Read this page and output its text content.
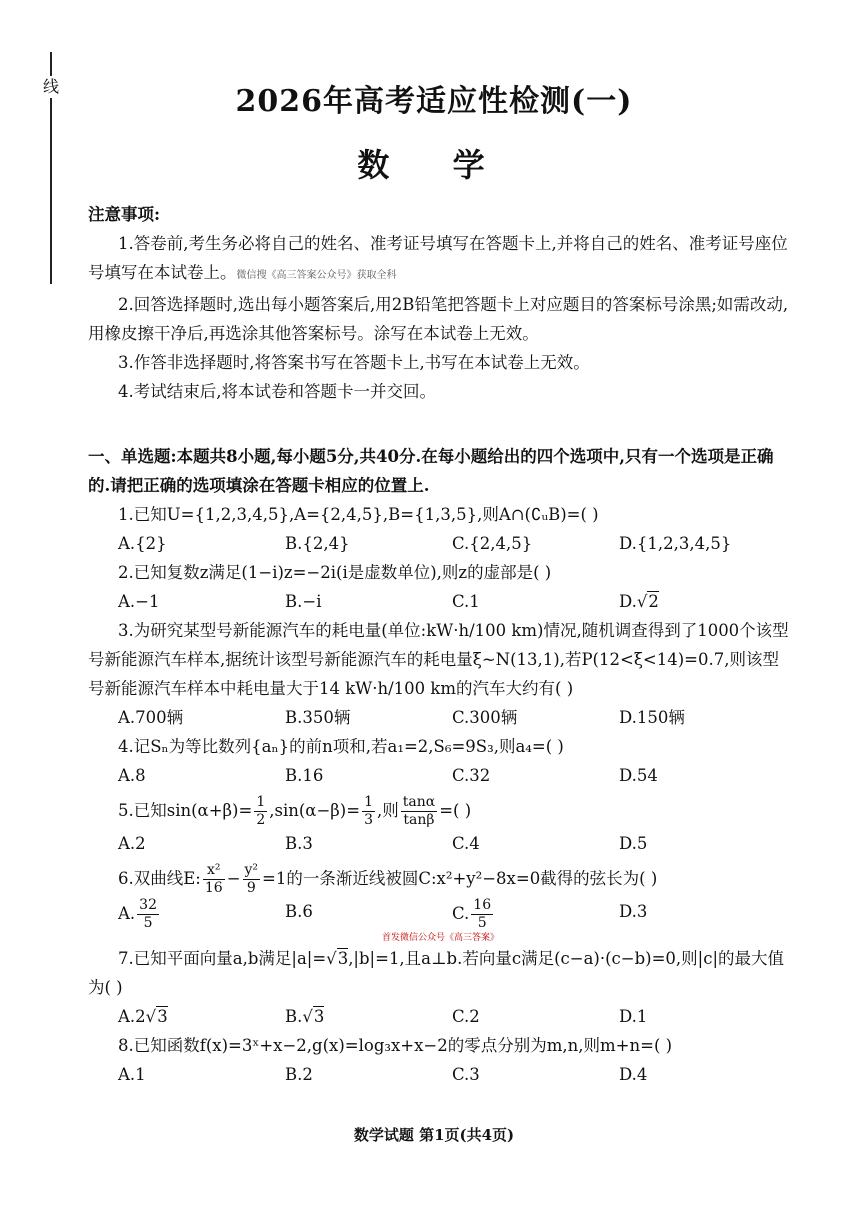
线	2026年高考适应性检测(一)
数 学

注意事项:

1.答卷前,考生务必将自己的姓名、准考证号填写在答题卡上,并将自己的姓名、准考证号座位号填写在本试卷上。微信搜《高三答案公众号》获取全科

2.回答选择题时,选出每小题答案后,用2B铅笔把答题卡上对应题目的答案标号涂黑;如需改动,用橡皮擦干净后,再选涂其他答案标号。涂写在本试卷上无效。

3.作答非选择题时,将答案书写在答题卡上,书写在本试卷上无效。

4.考试结束后,将本试卷和答题卡一并交回。

一、单选题:本题共8小题,每小题5分,共40分.在每小题给出的四个选项中,只有一个选项是正确的.请把正确的选项填涂在答题卡相应的位置上.

1.已知U={1,2,3,4,5},A={2,4,5},B={1,3,5},则A∩(∁ᵤB)=( )

A.{2}	B.{2,4}	C.{2,4,5}	D.{1,2,3,4,5}

2.已知复数z满足(1−i)z=−2i(i是虚数单位),则z的虚部是( )

A.−1	B.−i	C.1	D.√2

3.为研究某型号新能源汽车的耗电量(单位:kW·h/100 km)情况,随机调查得到了1000个该型号新能源汽车样本,据统计该型号新能源汽车的耗电量ξ~N(13,1),若P(12<ξ<14)=0.7,则该型号新能源汽车样本中耗电量大于14 kW·h/100 km的汽车大约有( )

A.700辆	B.350辆	C.300辆	D.150辆

4.记Sₙ为等比数列{aₙ}的前n项和,若a₁=2,S₆=9S₃,则a₄=( )

A.8	B.16	C.32	D.54

5.已知$\sin(\alpha+\beta)= \frac{1}{2} ,\sin(\alpha-\beta)= \frac{1}{3}$ ,则 $\frac{\tan\alpha}{\tan\beta}$ =( )

A.2	B.3	C.4	D.5

6.双曲线E: $\frac{\text{x²}}{16} - \frac{\text{y²}}{9} =1$的一条渐近线被圆C:x²+y²−8x=0截得的弦长为( )

A. $\frac{32}{5}$	B.6	C. $\frac{16}{5}$	D.3

首发微信公众号《高三答案》

7.已知平面向量a,b满足|a|=√3,|b|=1,且a⊥b.若向量c满足(c−a)·(c−b)=0,则|c|的最大值为( )

A.2√3	B.√3	C.2	D.1

8.已知函数f(x)=3ˣ+x−2,g(x)=log₃x+x−2的零点分别为m,n,则m+n=( )

A.1	B.2	C.3	D.4
数学试题 第1页(共4页)
